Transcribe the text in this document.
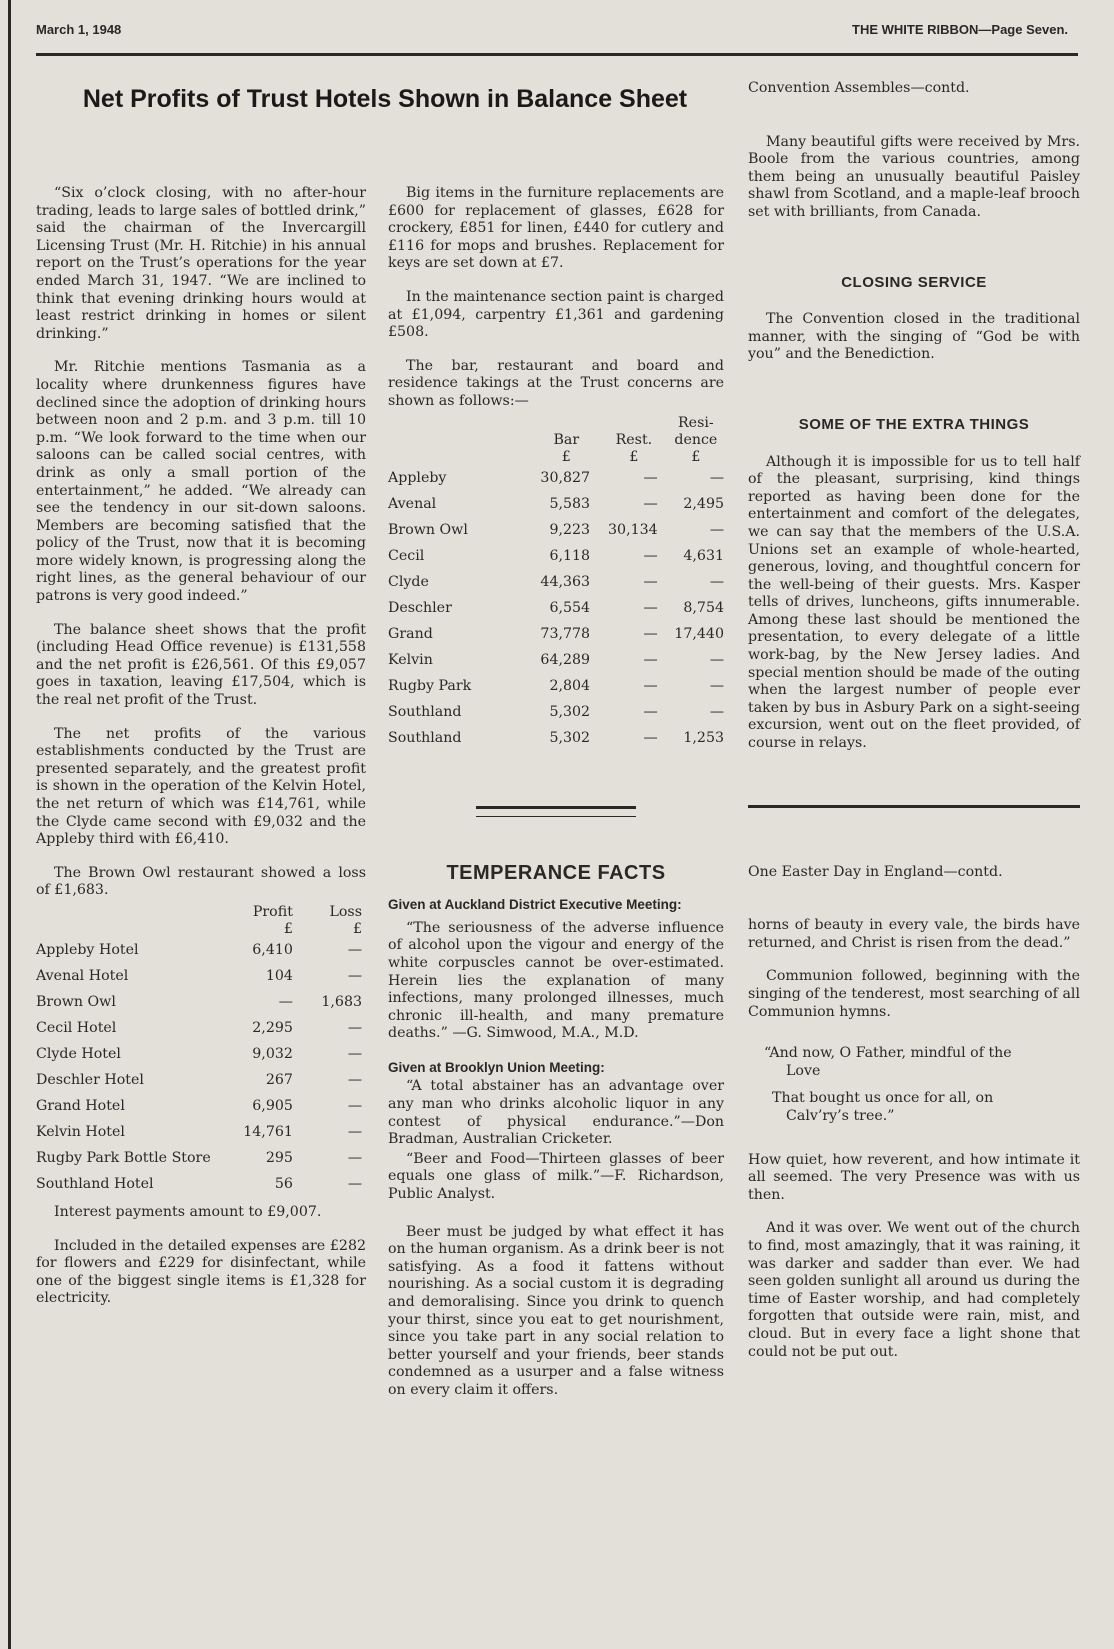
March 1, 1948	THE WHITE RIBBON—Page Seven.
Net Profits of Trust Hotels Shown in Balance Sheet

“Six o’clock closing, with no after-hour trading, leads to large sales of bottled drink,” said the chairman of the Invercargill Licensing Trust (Mr. H. Ritchie) in his annual report on the Trust’s operations for the year ended March 31, 1947. “We are inclined to think that evening drinking hours would at least restrict drinking in homes or silent drinking.”

Mr. Ritchie mentions Tasmania as a locality where drunkenness figures have declined since the adoption of drinking hours between noon and 2 p.m. and 3 p.m. till 10 p.m. “We look forward to the time when our saloons can be called social centres, with drink as only a small portion of the entertainment,” he added. “We already can see the tendency in our sit-down saloons. Members are becoming satisfied that the policy of the Trust, now that it is becoming more widely known, is progressing along the right lines, as the general behaviour of our patrons is very good indeed.”

The balance sheet shows that the profit (including Head Office revenue) is £131,558 and the net profit is £26,561. Of this £9,057 goes in taxation, leaving £17,504, which is the real net profit of the Trust.

The net profits of the various establishments conducted by the Trust are presented separately, and the greatest profit is shown in the operation of the Kelvin Hotel, the net return of which was £14,761, while the Clyde came second with £9,032 and the Appleby third with £6,410.

The Brown Owl restaurant showed a loss of £1,683.

	Profit
£	Loss
£
Appleby Hotel	6,410	—
Avenal Hotel	104	—
Brown Owl	—	1,683
Cecil Hotel	2,295	—
Clyde Hotel	9,032	—
Deschler Hotel	267	—
Grand Hotel	6,905	—
Kelvin Hotel	14,761	—
Rugby Park Bottle Store	295	—
Southland Hotel	56	—

Interest payments amount to £9,007.

Included in the detailed expenses are £282 for flowers and £229 for disinfectant, while one of the biggest single items is £1,328 for electricity.

Big items in the furniture replacements are £600 for replacement of glasses, £628 for crockery, £851 for linen, £440 for cutlery and £116 for mops and brushes. Replacement for keys are set down at £7.

In the maintenance section paint is charged at £1,094, carpentry £1,361 and gardening £508.

The bar, restaurant and board and residence takings at the Trust concerns are shown as follows:—

	Bar
£	Rest.
£	Resi-
dence
£
Appleby	30,827	—	—
Avenal	5,583	—	2,495
Brown Owl	9,223	30,134	—
Cecil	6,118	—	4,631
Clyde	44,363	—	—
Deschler	6,554	—	8,754
Grand	73,778	—	17,440
Kelvin	64,289	—	—
Rugby Park	2,804	—	—
Southland	5,302	—	—
Southland	5,302	—	1,253
TEMPERANCE FACTS
Given at Auckland District Executive Meeting:

“The seriousness of the adverse influence of alcohol upon the vigour and energy of the white corpuscles cannot be over-estimated. Herein lies the explanation of many infections, many prolonged illnesses, much chronic ill-health, and many premature deaths.” —G. Simwood, M.A., M.D.

Given at Brooklyn Union Meeting:

“A total abstainer has an advantage over any man who drinks alcoholic liquor in any contest of physical endurance.”—Don Bradman, Australian Cricketer.

“Beer and Food—Thirteen glasses of beer equals one glass of milk.”—F. Richardson, Public Analyst.

Beer must be judged by what effect it has on the human organism. As a drink beer is not satisfying. As a food it fattens without nourishing. As a social custom it is degrading and demoralising. Since you drink to quench your thirst, since you eat to get nourishment, since you take part in any social relation to better yourself and your friends, beer stands condemned as a usurper and a false witness on every claim it offers.

Convention Assembles—contd.

Many beautiful gifts were received by Mrs. Boole from the various countries, among them being an unusually beautiful Paisley shawl from Scotland, and a maple-leaf brooch set with brilliants, from Canada.

CLOSING SERVICE

The Convention closed in the traditional manner, with the singing of “God be with you” and the Benediction.

SOME OF THE EXTRA THINGS

Although it is impossible for us to tell half of the pleasant, surprising, kind things reported as having been done for the entertainment and comfort of the delegates, we can say that the members of the U.S.A. Unions set an example of whole-hearted, generous, loving, and thoughtful concern for the well-being of their guests. Mrs. Kasper tells of drives, luncheons, gifts innumerable. Among these last should be mentioned the presentation, to every delegate of a little work-bag, by the New Jersey ladies. And special mention should be made of the outing when the largest number of people ever taken by bus in Asbury Park on a sight-seeing excursion, went out on the fleet provided, of course in relays.

One Easter Day in England—contd.

horns of beauty in every vale, the birds have returned, and Christ is risen from the dead.”

Communion followed, beginning with the singing of the tenderest, most searching of all Communion hymns.

“And now, O Father, mindful of the
Love
That bought us once for all, on
Calv’ry’s tree.”

How quiet, how reverent, and how intimate it all seemed. The very Presence was with us then.

And it was over. We went out of the church to find, most amazingly, that it was raining, it was darker and sadder than ever. We had seen golden sunlight all around us during the time of Easter worship, and had completely forgotten that outside were rain, mist, and cloud. But in every face a light shone that could not be put out.
